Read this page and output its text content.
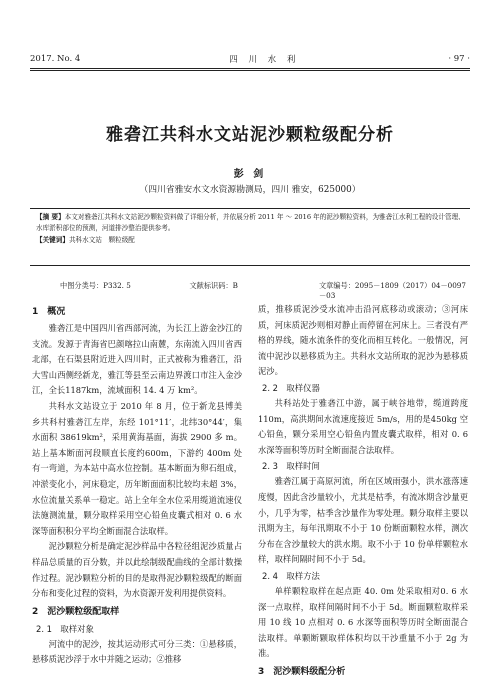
2017. No. 4	四 川 水 利	· 97 ·
雅砻江共科水文站泥沙颗粒级配分析
彭 剑
（四川省雅安水文水资源勘测局，四川 雅安，625000）

【摘 要】本文对雅砻江共科水文站泥沙颗粒资料做了详细分析，并依展分析 2011 年 ～ 2016 年的泥沙颗粒资料，为雅砻江水利工程的设计管理、水库淤积部位的预测，河道排沙整治提供参考。

【关键词】共科水文站　颗粒级配

中图分类号：P332. 5	文献标识码：B	文章编号：2095－1809（2017）04－0097－03
1　概况

雅砻江是中国四川省西部河流，为长江上游金沙江的支流。发源于青海省巴颜喀拉山南麓，东南流入四川省西北部，在石渠县附近进入四川时，正式被称为雅砻江，沿大雪山西侧经新龙，雅江等县至云南边界渡口市注入金沙江，全长1187km，流域面积 14. 4 万 km²。

共科水文站设立于 2010 年 8 月，位于新龙县博美乡共科村雅砻江左岸，东经 101°11′，北纬30°44′，集水面积 38619km²，采用黄海基面，海拔 2900 多 m。站上基本断面河段顺直长度约600m，下游约 400m 处有一弯道，为本站中高水位控制。基本断面为卵石组成，冲淤变化小，河床稳定，历年断面面积比较均未超 3%，水位流量关系单一稳定。站上全年全水位采用缆道流速仪法施测流量，颗分取样采用空心铅鱼皮囊式相对 0. 6 水深等面积积分平均全断面混合法取样。

泥沙颗粒分析是确定泥沙样品中各粒径组泥沙质量占样品总质量的百分数，并以此绘制级配曲线的全部计数操作过程。泥沙颗粒分析的目的是取得泥沙颗粒级配的断面分布和变化过程的资料，为水资源开发利用提供资料。

2　泥沙颗粒级配取样
2. 1　取样对象

河流中的泥沙，按其运动形式可分三类：①悬移质，悬移质泥沙浮于水中并随之运动；②推移

质，推移质泥沙受水流冲击沿河底移动或滚动；③河床质，河床质泥沙则相对静止而停留在河床上。三者没有严格的界线，随水流条件的变化而相互转化。一般情况，河流中泥沙以悬移质为主。共科水文站所取的泥沙为悬移质泥沙。

2. 2　取样仪器

共科站处于雅砻江中游，属于峡谷地带，缆道跨度 110m，高洪期间水流速度接近 5m/s，用的是450kg 空心铅鱼，颗分采用空心铅鱼内置皮囊式取样，相对 0. 6 水深等面积等历时全断面混合法取样。

2. 3　取样时间

雅砻江属于高原河流，所在区域雨强小，洪水涨落速度慢，因此含沙量较小，尤其是枯季，有流冰期含沙量更小，几乎为零，枯季含沙量作为零处理。颗分取样主要以汛期为主，每年汛期取不小于 10 份断面颗粒水样，测次分布在含沙量较大的洪水期。取不小于 10 份单样颗粒水样，取样间隔时间不小于 5d。

2. 4　取样方法

单样颗粒取样在起点距 40. 0m 处采取相对0. 6 水深一点取样，取样间隔时间不小于 5d。断面颗粒取样采用 10 线 10 点相对 0. 6 水深等面积等历时全断面混合法取样。单颗断颗取样体积均以干沙重量不小于 2g 为准。

3　泥沙颗料级配分析
